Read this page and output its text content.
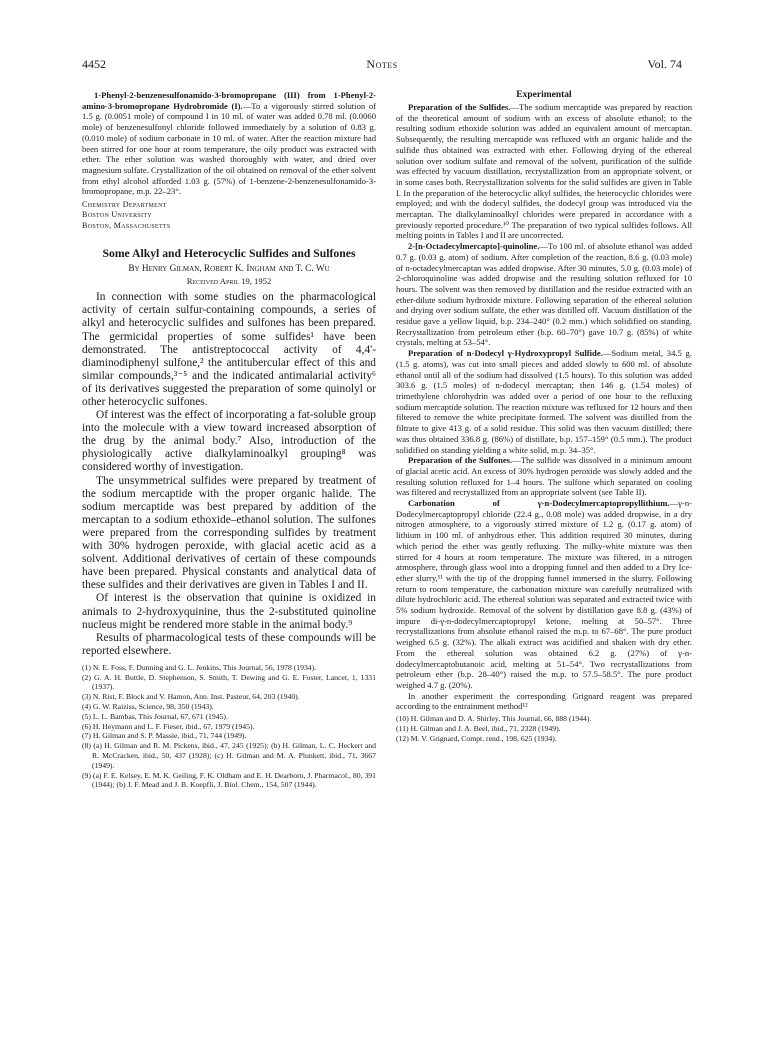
4452	Notes	Vol. 74

1-Phenyl-2-benzenesulfonamido-3-bromopropane (III) from 1-Phenyl-2-amino-3-bromopropane Hydrobromide (I).—To a vigorously stirred solution of 1.5 g. (0.0051 mole) of compound I in 10 ml. of water was added 0.78 ml. (0.0060 mole) of benzenesulfonyl chloride followed immediately by a solution of 0.83 g. (0.010 mole) of sodium carbonate in 10 ml. of water. After the reaction mixture had been stirred for one hour at room temperature, the oily product was extracted with ether. The ether solution was washed thoroughly with water, and dried over magnesium sulfate. Crystallization of the oil obtained on removal of the ether solvent from ethyl alcohol afforded 1.03 g. (57%) of 1-benzene-2-benzenesulfonamido-3-bromopropane, m.p. 22–23°.

Chemistry Department
Boston University
Boston, Massachusetts
Some Alkyl and Heterocyclic Sulfides and Sulfones
By Henry Gilman, Robert K. Ingham and T. C. Wu
Received April 19, 1952

In connection with some studies on the pharmacological activity of certain sulfur-containing compounds, a series of alkyl and heterocyclic sulfides and sulfones has been prepared. The germicidal properties of some sulfides¹ have been demonstrated. The antistreptococcal activity of 4,4'-diaminodiphenyl sulfone,² the antitubercular effect of this and similar compounds,³⁻⁵ and the indicated antimalarial activity⁶ of its derivatives suggested the preparation of some quinolyl or other heterocyclic sulfones.

Of interest was the effect of incorporating a fat-soluble group into the molecule with a view toward increased absorption of the drug by the animal body.⁷ Also, introduction of the physiologically active dialkylaminoalkyl grouping⁸ was considered worthy of investigation.

The unsymmetrical sulfides were prepared by treatment of the sodium mercaptide with the proper organic halide. The sodium mercaptide was best prepared by addition of the mercaptan to a sodium ethoxide–ethanol solution. The sulfones were prepared from the corresponding sulfides by treatment with 30% hydrogen peroxide, with glacial acetic acid as a solvent. Additional derivatives of certain of these compounds have been prepared. Physical constants and analytical data of these sulfides and their derivatives are given in Tables I and II.

Of interest is the observation that quinine is oxidized in animals to 2-hydroxyquinine, thus the 2-substituted quinoline nucleus might be rendered more stable in the animal body.⁹

Results of pharmacological tests of these compounds will be reported elsewhere.

(1) N. E. Foss, F. Dunning and G. L. Jenkins, This Journal, 56, 1978 (1934).

(2) G. A. H. Buttle, D. Stephenson, S. Smith, T. Dewing and G. E. Foster, Lancet, 1, 1331 (1937).

(3) N. Rist, F. Block and V. Hamon, Ann. Inst. Pasteur, 64, 203 (1940).

(4) G. W. Raiziss, Science, 98, 350 (1943).

(5) L. L. Bambas, This Journal, 67, 671 (1945).

(6) H. Heymann and L. F. Fieser, ibid., 67, 1979 (1945).

(7) H. Gilman and S. P. Massie, ibid., 71, 744 (1949).

(8) (a) H. Gilman and R. M. Pickens, ibid., 47, 245 (1925); (b) H. Gilman, L. C. Heckert and R. McCracken, ibid., 50, 437 (1928); (c) H. Gilman and M. A. Plunkett, ibid., 71, 3667 (1949).

(9) (a) F. E. Kelsey, E. M. K. Geiling, F. K. Oldham and E. H. Dearborn, J. Pharmacol., 80, 391 (1944); (b) J. F. Mead and J. B. Koepfli, J. Biol. Chem., 154, 507 (1944).

Experimental

Preparation of the Sulfides.—The sodium mercaptide was prepared by reaction of the theoretical amount of sodium with an excess of absolute ethanol; to the resulting sodium ethoxide solution was added an equivalent amount of mercaptan. Subsequently, the resulting mercaptide was refluxed with an organic halide and the sulfide thus obtained was extracted with ether. Following drying of the ethereal solution over sodium sulfate and removal of the solvent, purification of the sulfide was effected by vacuum distillation, recrystallization from an appropriate solvent, or in some cases both. Recrystallization solvents for the solid sulfides are given in Table I. In the preparation of the heterocyclic alkyl sulfides, the heterocyclic chlorides were employed; and with the dodecyl sulfides, the dodecyl group was introduced via the mercaptan. The dialkylaminoalkyl chlorides were prepared in accordance with a previously reported procedure.¹⁰ The preparation of two typical sulfides follows. All melting points in Tables I and II are uncorrected.

2-[n-Octadecylmercapto]-quinoline.—To 100 ml. of absolute ethanol was added 0.7 g. (0.03 g. atom) of sodium. After completion of the reaction, 8.6 g. (0.03 mole) of n-octadecylmercaptan was added dropwise. After 30 minutes, 5.0 g. (0.03 mole) of 2-chloroquinoline was added dropwise and the resulting solution refluxed for 10 hours. The solvent was then removed by distillation and the residue extracted with an ether-dilute sodium hydroxide mixture. Following separation of the ethereal solution and drying over sodium sulfate, the ether was distilled off. Vacuum distillation of the residue gave a yellow liquid, b.p. 234–240° (0.2 mm.) which solidified on standing. Recrystallization from petroleum ether (b.p. 60–70°) gave 10.7 g. (85%) of white crystals, melting at 53–54°.

Preparation of n-Dodecyl γ-Hydroxypropyl Sulfide.—Sodium metal, 34.5 g. (1.5 g. atoms), was cut into small pieces and added slowly to 600 ml. of absolute ethanol until all of the sodium had dissolved (1.5 hours). To this solution was added 303.6 g. (1.5 moles) of n-dodecyl mercaptan; then 146 g. (1.54 moles) of trimethylene chlorohydrin was added over a period of one hour to the refluxing sodium mercaptide solution. The reaction mixture was refluxed for 12 hours and then filtered to remove the white precipitate formed. The solvent was distilled from the filtrate to give 413 g. of a solid residue. This solid was then vacuum distilled; there was thus obtained 336.8 g. (86%) of distillate, b.p. 157–159° (0.5 mm.). The product solidified on standing yielding a white solid, m.p. 34–35°.

Preparation of the Sulfones.—The sulfide was dissolved in a minimum amount of glacial acetic acid. An excess of 30% hydrogen peroxide was slowly added and the resulting solution refluxed for 1–4 hours. The sulfone which separated on cooling was filtered and recrystallized from an appropriate solvent (see Table II).

Carbonation of γ-n-Dodecylmercaptopropyllithium.—γ-n-Dodecylmercaptopropyl chloride (22.4 g., 0.08 mole) was added dropwise, in a dry nitrogen atmosphere, to a vigorously stirred mixture of 1.2 g. (0.17 g. atom) of lithium in 100 ml. of anhydrous ether. This addition required 30 minutes, during which period the ether was gently refluxing. The milky-white mixture was then stirred for 4 hours at room temperature. The mixture was filtered, in a nitrogen atmosphere, through glass wool into a dropping funnel and then added to a Dry Ice-ether slurry,¹¹ with the tip of the dropping funnel immersed in the slurry. Following return to room temperature, the carbonation mixture was carefully neutralized with dilute hydrochloric acid. The ethereal solution was separated and extracted twice with 5% sodium hydroxide. Removal of the solvent by distillation gave 8.8 g. (43%) of impure di-γ-n-dodecylmercaptopropyl ketone, melting at 50–57°. Three recrystallizations from absolute ethanol raised the m.p. to 67–68°. The pure product weighed 6.5 g. (32%). The alkali extract was acidified and shaken with dry ether. From the ethereal solution was obtained 6.2 g. (27%) of γ-n-dodecylmercaptobutanoic acid, melting at 51–54°. Two recrystallizations from petroleum ether (b.p. 28–40°) raised the m.p. to 57.5–58.5°. The pure product weighed 4.7 g. (20%).

In another experiment the corresponding Grignard reagent was prepared according to the entrainment method¹²

(10) H. Gilman and D. A. Shirley, This Journal, 66, 888 (1944).

(11) H. Gilman and J. A. Beel, ibid., 71, 2328 (1949).

(12) M. V. Grignard, Compt. rend., 198, 625 (1934).
